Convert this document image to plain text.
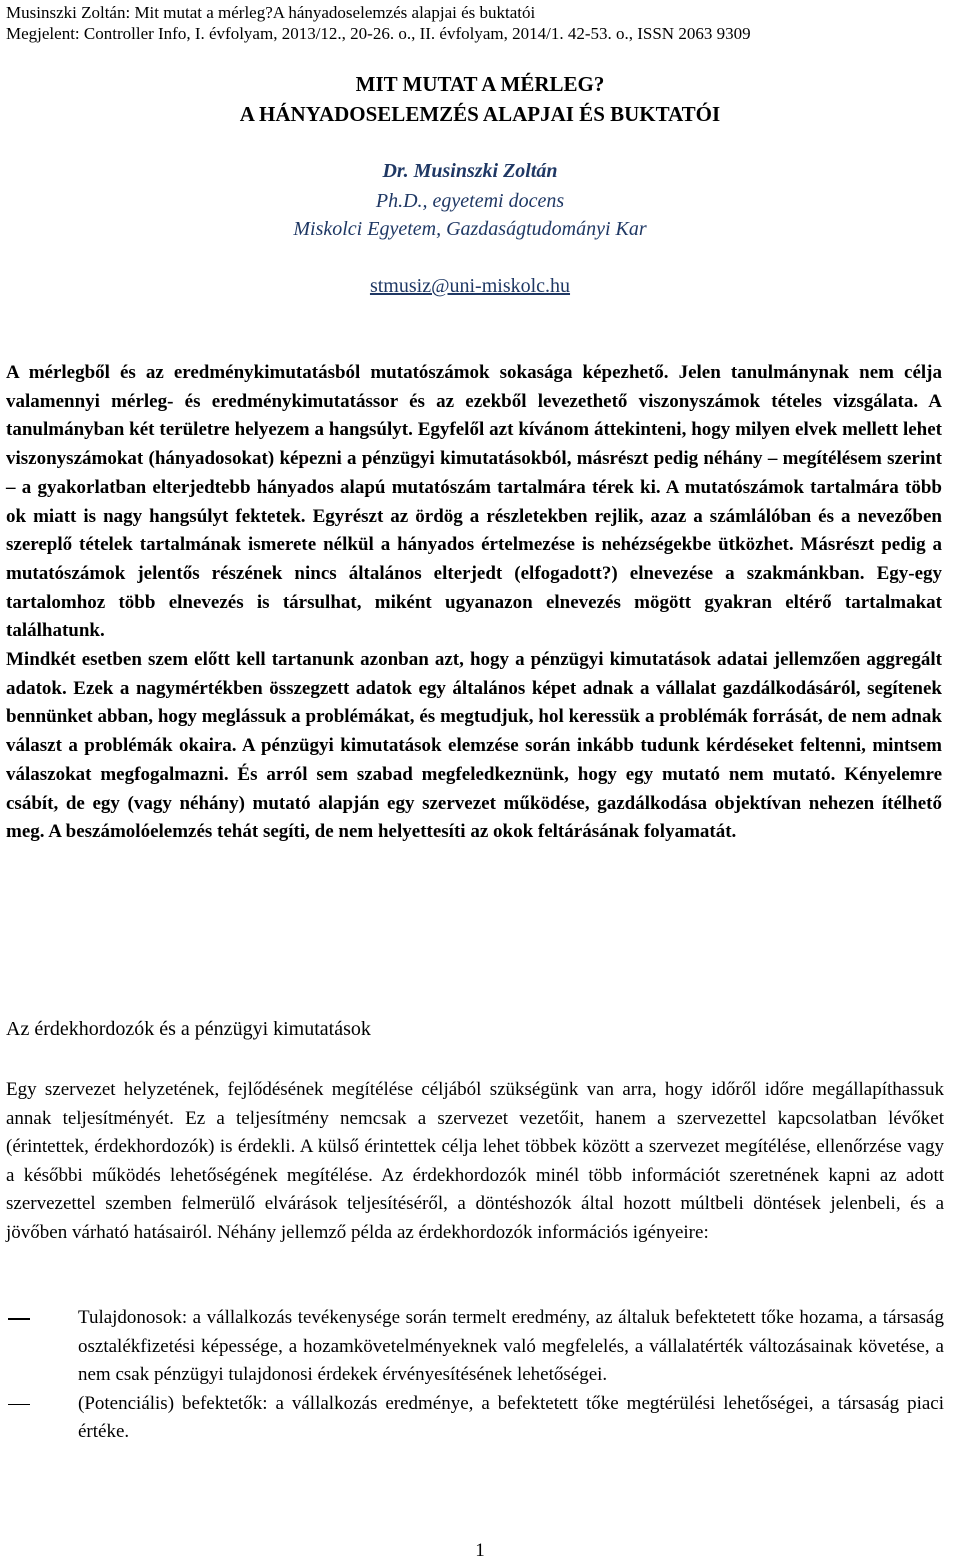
Musinszki Zoltán: Mit mutat a mérleg?A hányadoselemzés alapjai és buktatói
Megjelent: Controller Info, I. évfolyam, 2013/12., 20-26. o., II. évfolyam, 2014/1. 42-53. o., ISSN 2063 9309
MIT MUTAT A MÉRLEG?
A HÁNYADOSELEMZÉS ALAPJAI ÉS BUKTATÓI
Dr. Musinszki Zoltán
Ph.D., egyetemi docens
Miskolci Egyetem, Gazdaságtudományi Kar
stmusiz@uni-miskolc.hu
A mérlegből és az eredménykimutatásból mutatószámok sokasága képezhető. Jelen tanulmánynak nem célja valamennyi mérleg- és eredménykimutatássor és az ezekből levezethető viszonyszámok tételes vizsgálata. A tanulmányban két területre helyezem a hangsúlyt. Egyfelől azt kívánom áttekinteni, hogy milyen elvek mellett lehet viszonyszámokat (hányadosokat) képezni a pénzügyi kimutatásokból, másrészt pedig néhány – megítélésem szerint – a gyakorlatban elterjedtebb hányados alapú mutatószám tartalmára térek ki. A mutatószámok tartalmára több ok miatt is nagy hangsúlyt fektetek. Egyrészt az ördög a részletekben rejlik, azaz a számlálóban és a nevezőben szereplő tételek tartalmának ismerete nélkül a hányados értelmezése is nehézségekbe ütközhet. Másrészt pedig a mutatószámok jelentős részének nincs általános elterjedt (elfogadott?) elnevezése a szakmánkban. Egy-egy tartalomhoz több elnevezés is társulhat, miként ugyanazon elnevezés mögött gyakran eltérő tartalmakat találhatunk.
Mindkét esetben szem előtt kell tartanunk azonban azt, hogy a pénzügyi kimutatások adatai jellemzően aggregált adatok. Ezek a nagymértékben összegzett adatok egy általános képet adnak a vállalat gazdálkodásáról, segítenek bennünket abban, hogy meglássuk a problémákat, és megtudjuk, hol keressük a problémák forrását, de nem adnak választ a problémák okaira. A pénzügyi kimutatások elemzése során inkább tudunk kérdéseket feltenni, mintsem válaszokat megfogalmazni. És arról sem szabad megfeledkeznünk, hogy egy mutató nem mutató. Kényelemre csábít, de egy (vagy néhány) mutató alapján egy szervezet működése, gazdálkodása objektívan nehezen ítélhető meg. A beszámolóelemzés tehát segíti, de nem helyettesíti az okok feltárásának folyamatát.
Az érdekhordozók és a pénzügyi kimutatások
Egy szervezet helyzetének, fejlődésének megítélése céljából szükségünk van arra, hogy időről időre megállapíthassuk annak teljesítményét. Ez a teljesítmény nemcsak a szervezet vezetőit, hanem a szervezettel kapcsolatban lévőket (érintettek, érdekhordozók) is érdekli. A külső érintettek célja lehet többek között a szervezet megítélése, ellenőrzése vagy a későbbi működés lehetőségének megítélése. Az érdekhordozók minél több információt szeretnének kapni az adott szervezettel szemben felmerülő elvárások teljesítéséről, a döntéshozók által hozott múltbeli döntések jelenbeli, és a jövőben várható hatásairól. Néhány jellemző példa az érdekhordozók információs igényeire:
Tulajdonosok: a vállalkozás tevékenysége során termelt eredmény, az általuk befektetett tőke hozama, a társaság osztalékfizetési képessége, a hozamkövetelményeknek való megfelelés, a vállalatérték változásainak követése, a nem csak pénzügyi tulajdonosi érdekek érvényesítésének lehetőségei.
(Potenciális) befektetők: a vállalkozás eredménye, a befektetett tőke megtérülési lehetőségei, a társaság piaci értéke.
1
